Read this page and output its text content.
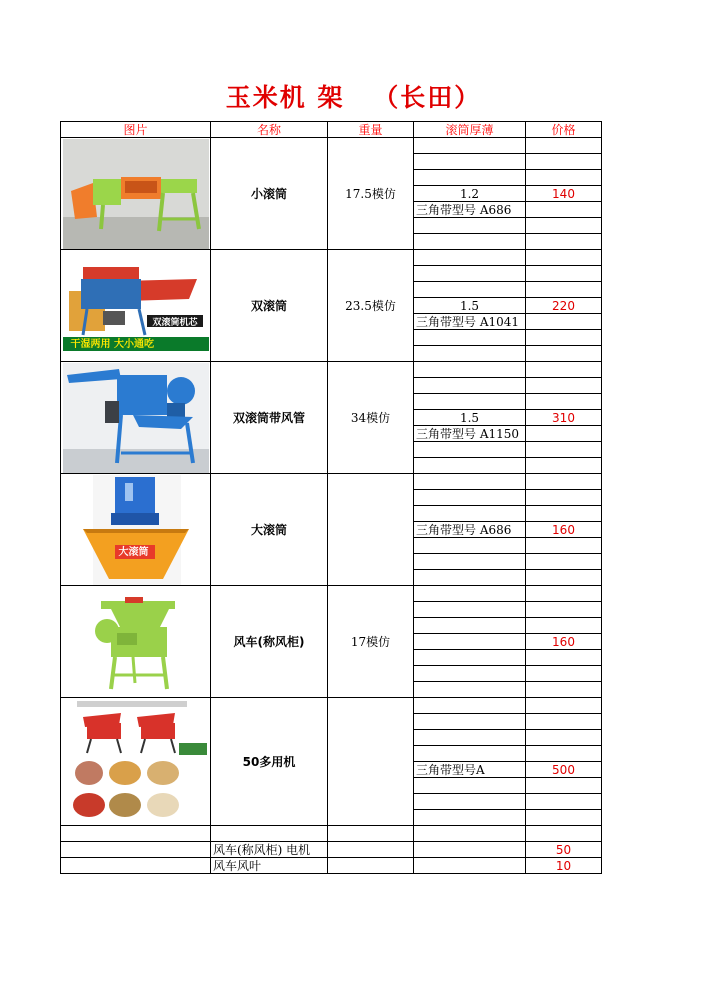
玉米机 架 （长田）
图片	名称	重量	滚筒厚薄	价格

	小滚筒	17.5模仿		

			1.2	140
			三角带型号 A686	

双滚筒机芯
干湿两用 大小通吃	双滚筒	23.5模仿		

			1.5	220
			三角带型号 A1041	

	双滚筒带风管	34模仿		

			1.5	310
			三角带型号 A1150	

大滚筒	大滚筒			

			三角带型号 A686	160

	风车(称风柜)	17模仿		

				160

	50多用机			

			三角带型号A	500

	风车(称风柜) 电机			50
	风车风叶			10
